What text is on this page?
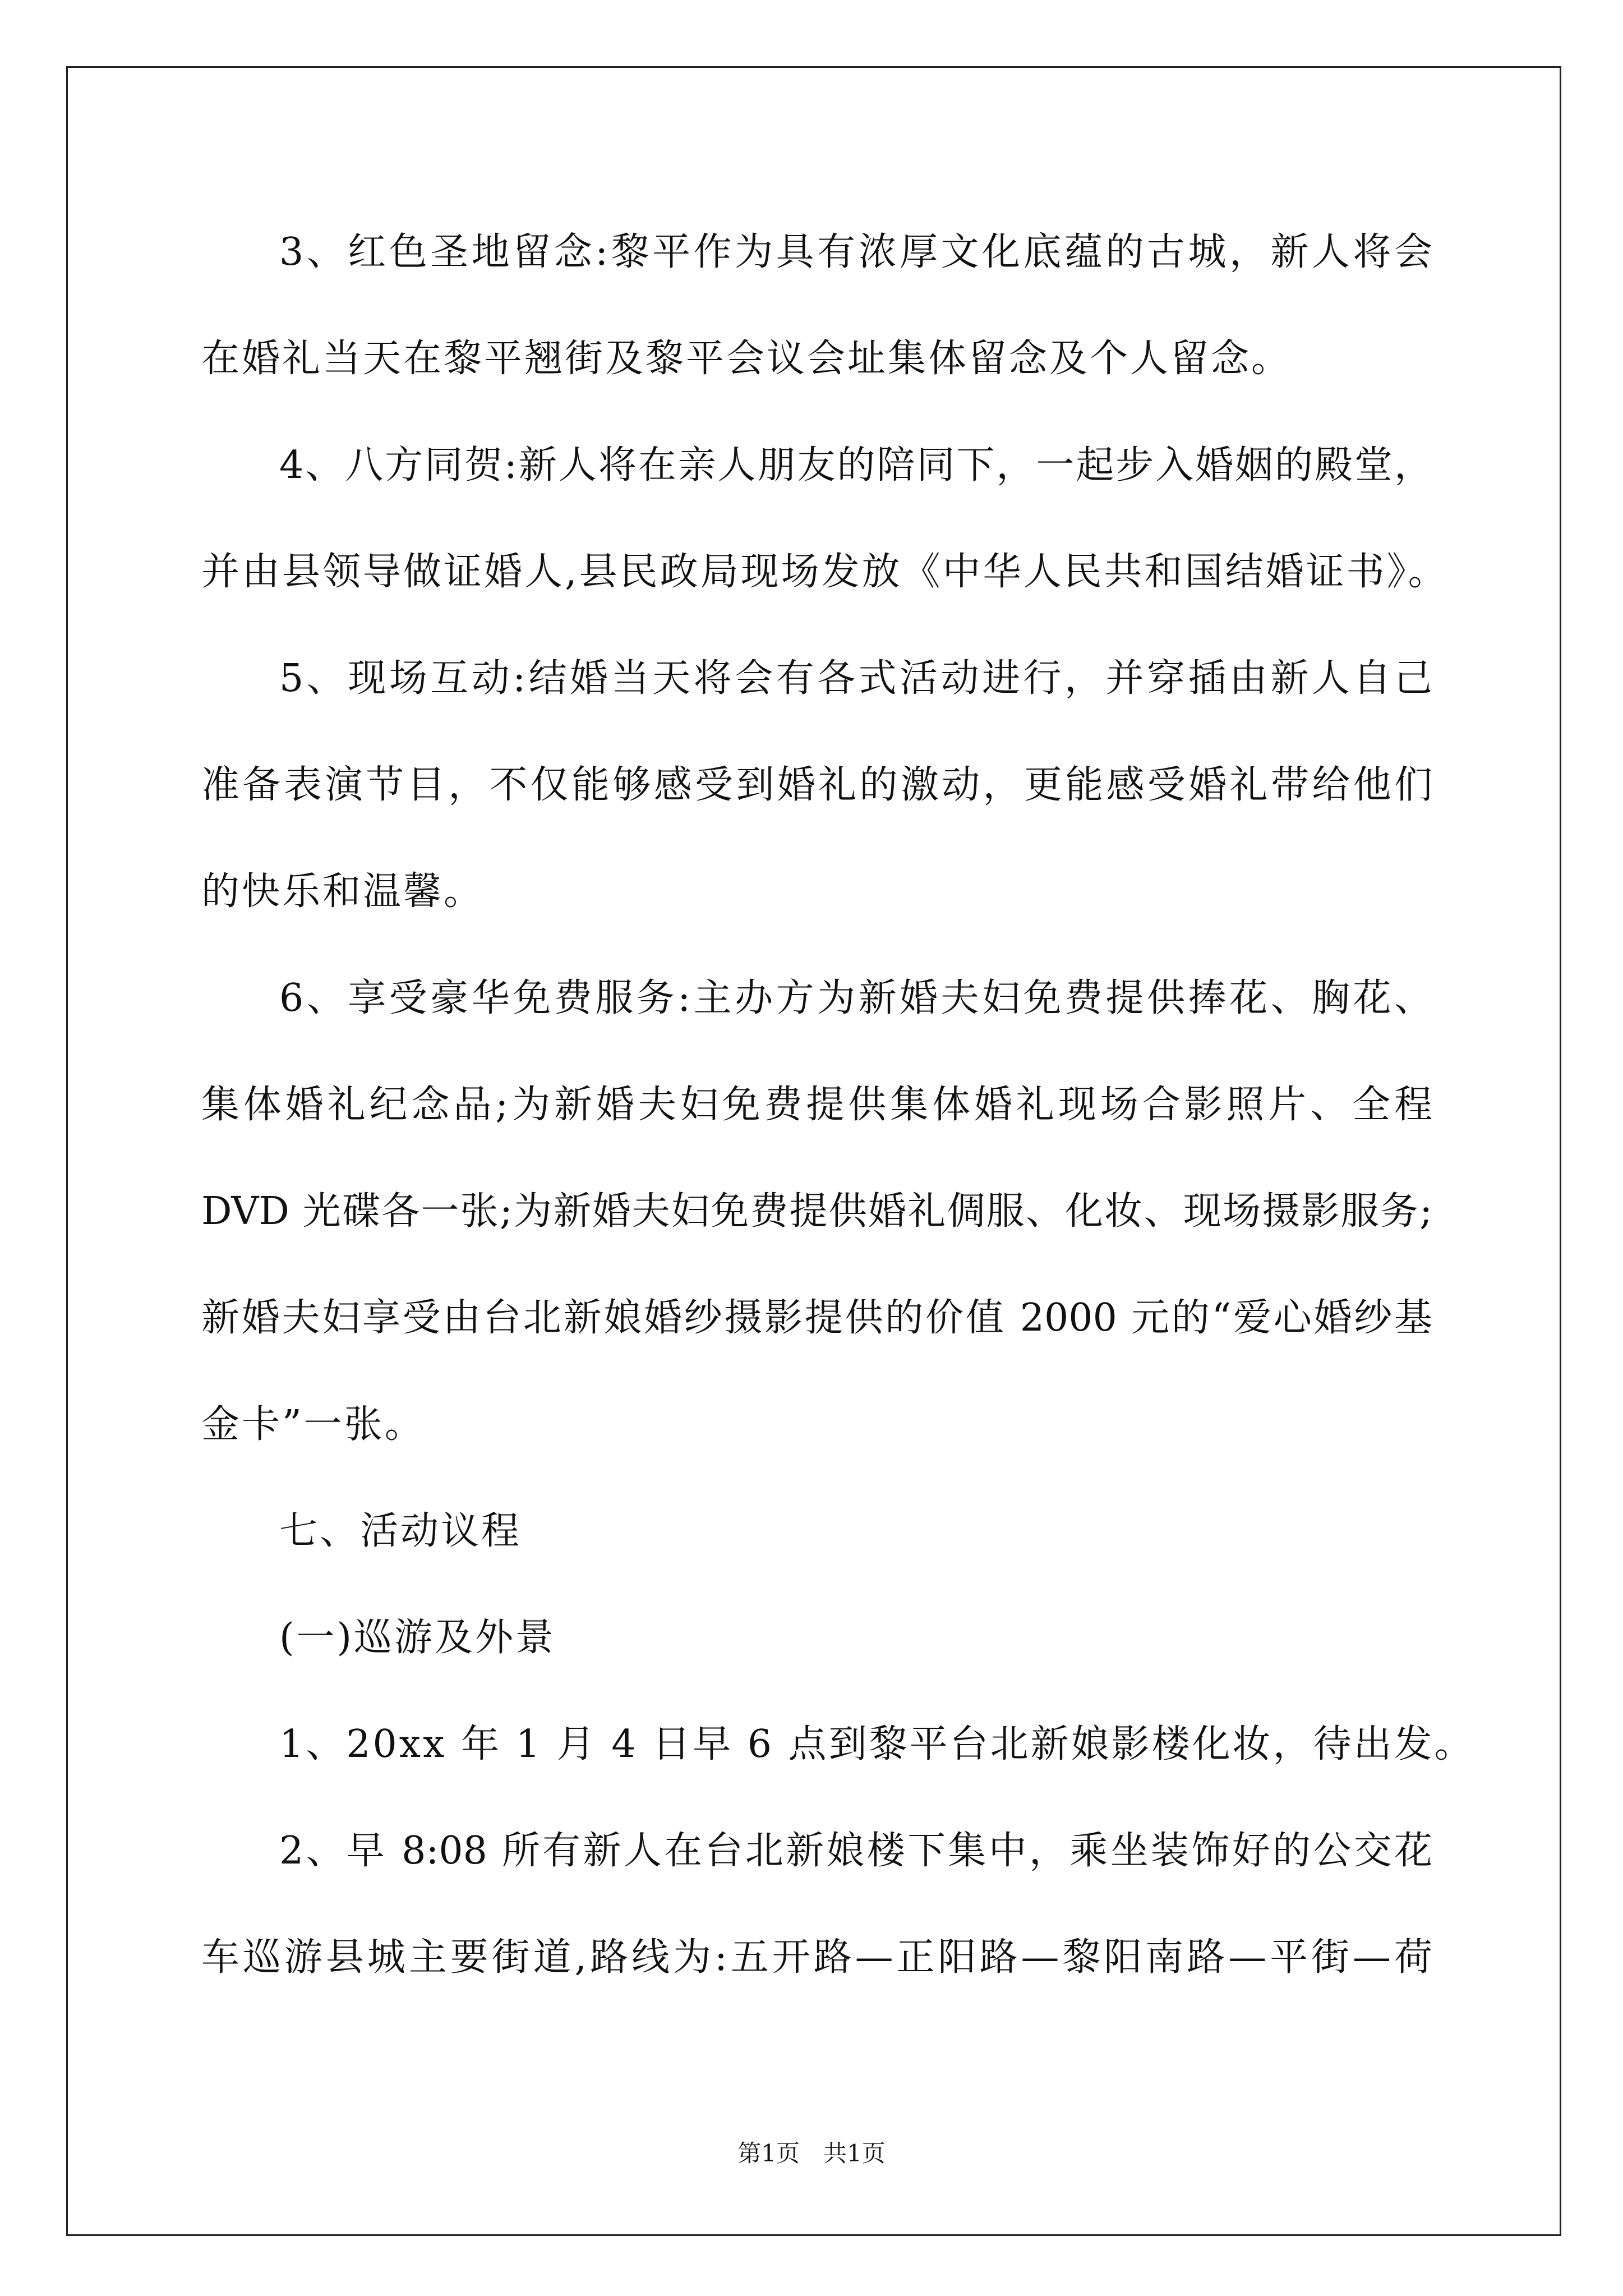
3、红色圣地留念:黎平作为具有浓厚文化底蕴的古城，新人将会
在婚礼当天在黎平翘街及黎平会议会址集体留念及个人留念。
4、八方同贺:新人将在亲人朋友的陪同下，一起步入婚姻的殿堂，
并由县领导做证婚人,县民政局现场发放《中华人民共和国结婚证书》。
5、现场互动:结婚当天将会有各式活动进行，并穿插由新人自己
准备表演节目，不仅能够感受到婚礼的激动，更能感受婚礼带给他们
的快乐和温馨。
6、享受豪华免费服务:主办方为新婚夫妇免费提供捧花、胸花、
集体婚礼纪念品;为新婚夫妇免费提供集体婚礼现场合影照片、全程
DVD 光碟各一张;为新婚夫妇免费提供婚礼倜服、化妆、现场摄影服务;
新婚夫妇享受由台北新娘婚纱摄影提供的价值 2000 元的“爱心婚纱基
金卡”一张。
七、活动议程
(一)巡游及外景
1、20xx 年 1 月 4 日早 6 点到黎平台北新娘影楼化妆，待出发。
2、早 8:08 所有新人在台北新娘楼下集中，乘坐装饰好的公交花
车巡游县城主要街道,路线为:五开路—正阳路—黎阳南路—平街—荷
第1页　共1页
